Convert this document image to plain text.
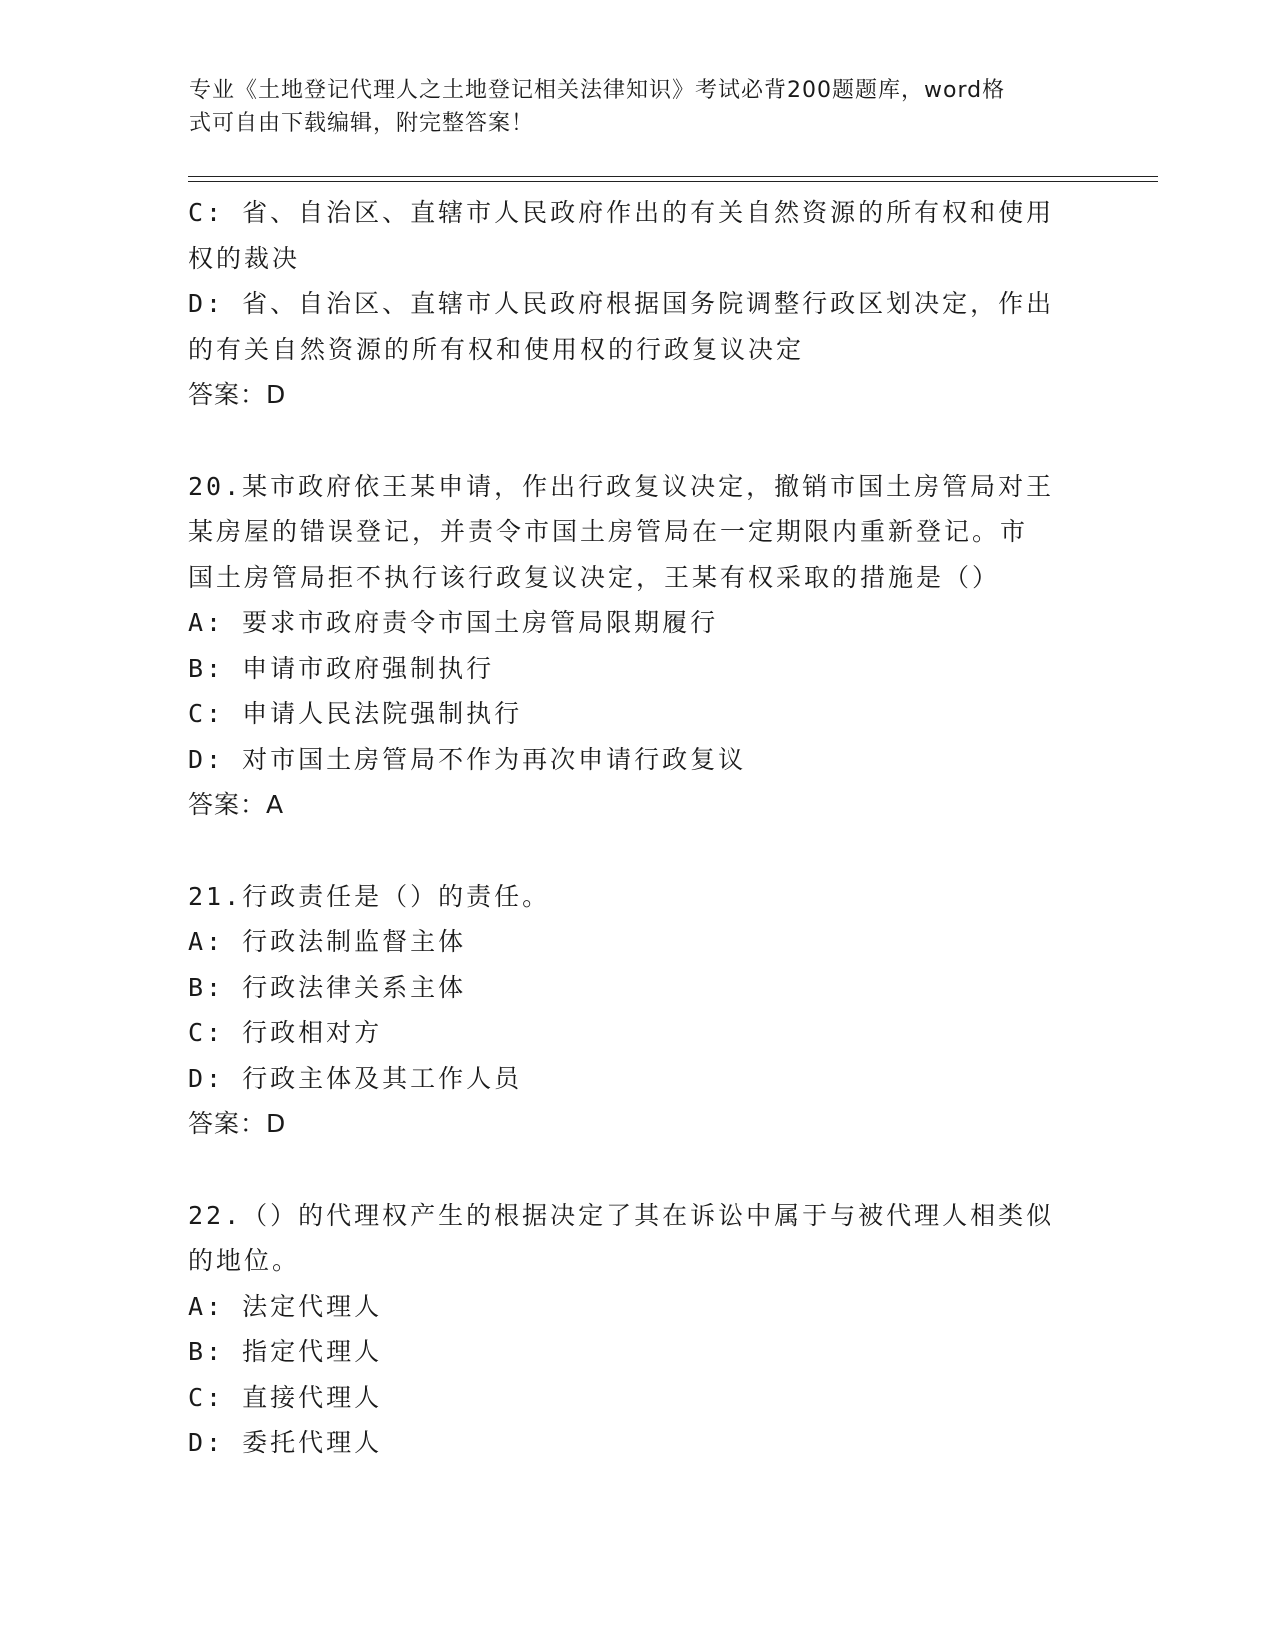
专业《土地登记代理人之土地登记相关法律知识》考试必背200题题库，word格
式可自由下载编辑，附完整答案！
C: 省、自治区、直辖市人民政府作出的有关自然资源的所有权和使用
权的裁决
D: 省、自治区、直辖市人民政府根据国务院调整行政区划决定，作出
的有关自然资源的所有权和使用权的行政复议决定
答案：D
20.某市政府依王某申请，作出行政复议决定，撤销市国土房管局对王
某房屋的错误登记，并责令市国土房管局在一定期限内重新登记。市
国土房管局拒不执行该行政复议决定，王某有权采取的措施是（）
A: 要求市政府责令市国土房管局限期履行
B: 申请市政府强制执行
C: 申请人民法院强制执行
D: 对市国土房管局不作为再次申请行政复议
答案：A
21.行政责任是（）的责任。
A: 行政法制监督主体
B: 行政法律关系主体
C: 行政相对方
D: 行政主体及其工作人员
答案：D
22.（）的代理权产生的根据决定了其在诉讼中属于与被代理人相类似
的地位。
A: 法定代理人
B: 指定代理人
C: 直接代理人
D: 委托代理人
